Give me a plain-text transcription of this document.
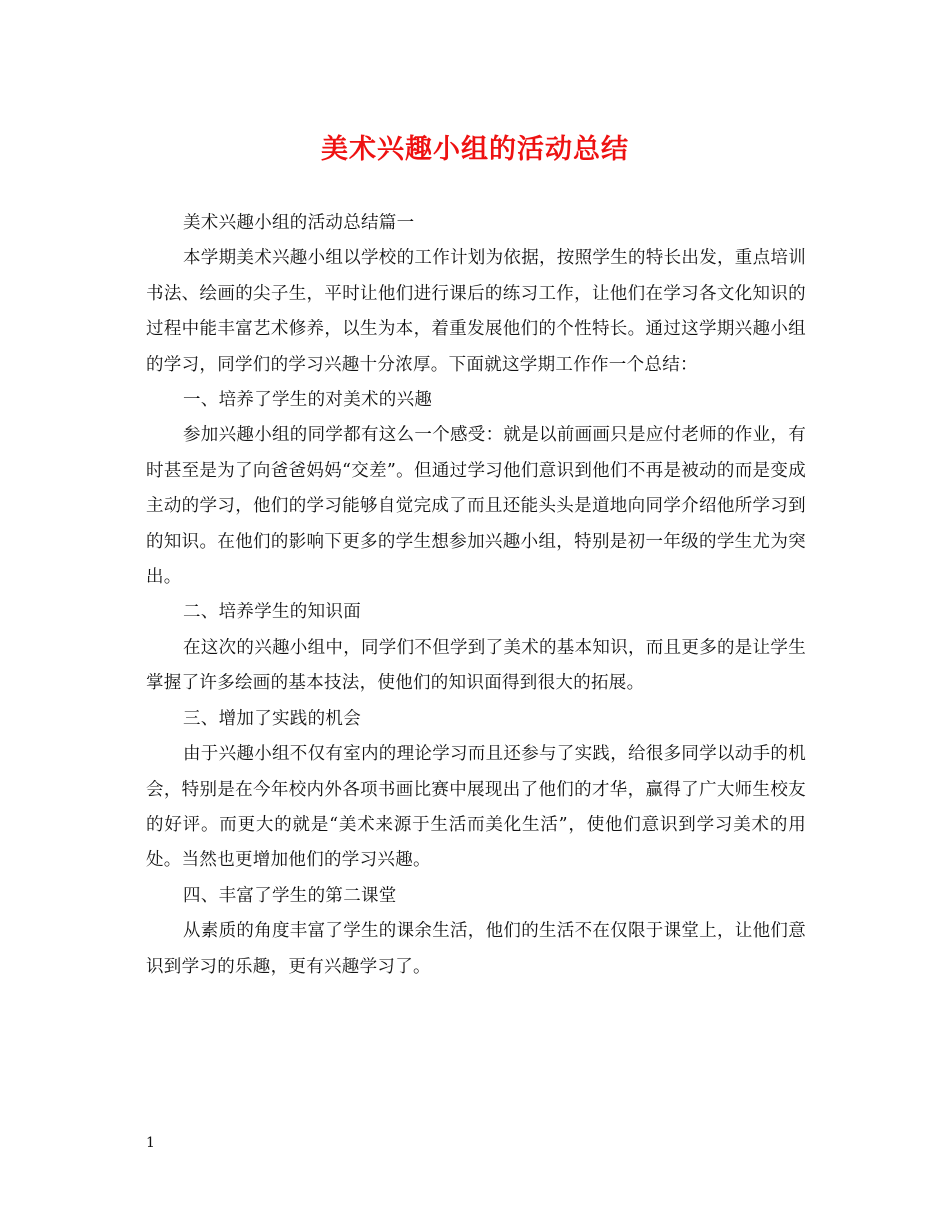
美术兴趣小组的活动总结

美术兴趣小组的活动总结篇一

本学期美术兴趣小组以学校的工作计划为依据，按照学生的特长出发，重点培训书法、绘画的尖子生，平时让他们进行课后的练习工作，让他们在学习各文化知识的过程中能丰富艺术修养，以生为本，着重发展他们的个性特长。通过这学期兴趣小组的学习，同学们的学习兴趣十分浓厚。下面就这学期工作作一个总结：

一、培养了学生的对美术的兴趣

参加兴趣小组的同学都有这么一个感受：就是以前画画只是应付老师的作业，有时甚至是为了向爸爸妈妈“交差”。但通过学习他们意识到他们不再是被动的而是变成主动的学习，他们的学习能够自觉完成了而且还能头头是道地向同学介绍他所学习到的知识。在他们的影响下更多的学生想参加兴趣小组，特别是初一年级的学生尤为突出。

二、培养学生的知识面

在这次的兴趣小组中，同学们不但学到了美术的基本知识，而且更多的是让学生掌握了许多绘画的基本技法，使他们的知识面得到很大的拓展。

三、增加了实践的机会

由于兴趣小组不仅有室内的理论学习而且还参与了实践，给很多同学以动手的机会，特别是在今年校内外各项书画比赛中展现出了他们的才华，赢得了广大师生校友的好评。而更大的就是“美术来源于生活而美化生活”，使他们意识到学习美术的用处。当然也更增加他们的学习兴趣。

四、丰富了学生的第二课堂

从素质的角度丰富了学生的课余生活，他们的生活不在仅限于课堂上，让他们意识到学习的乐趣，更有兴趣学习了。

1
